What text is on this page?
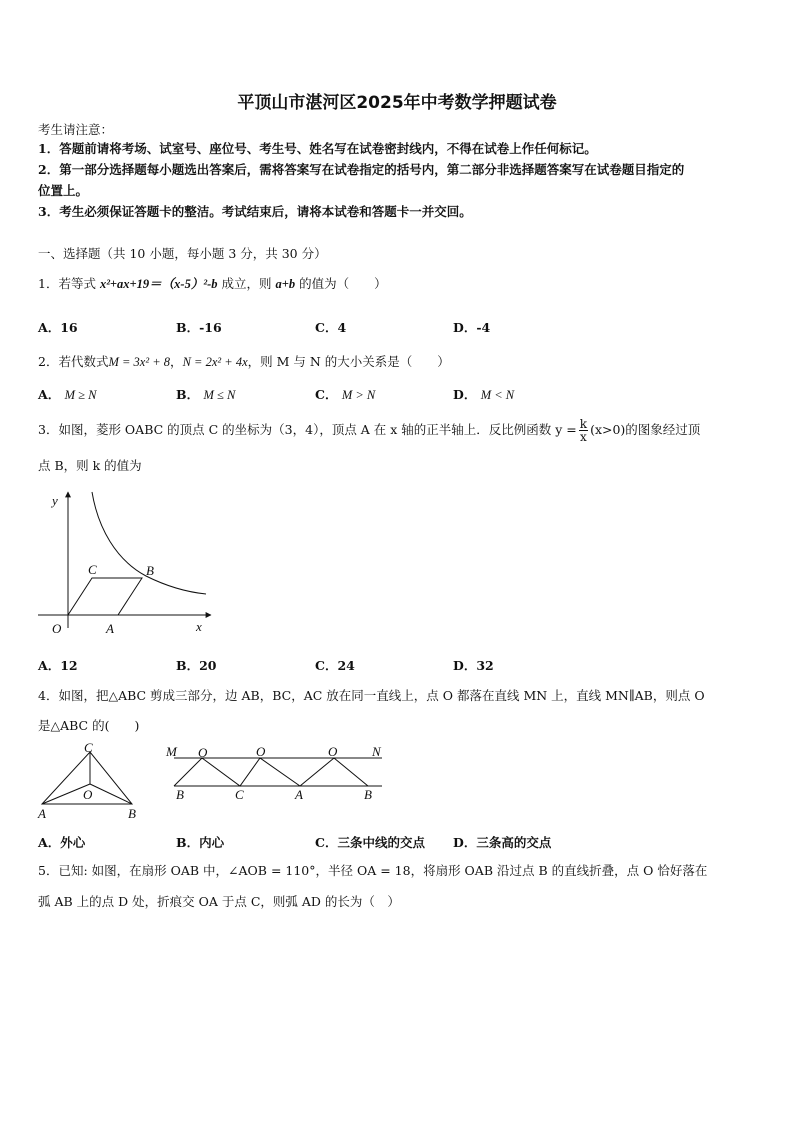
平顶山市湛河区2025年中考数学押题试卷
考生请注意：
1．答题前请将考场、试室号、座位号、考生号、姓名写在试卷密封线内，不得在试卷上作任何标记。
2．第一部分选择题每小题选出答案后，需将答案写在试卷指定的括号内，第二部分非选择题答案写在试卷题目指定的
位置上。
3．考生必须保证答题卡的整洁。考试结束后，请将本试卷和答题卡一并交回。
一、选择题（共 10 小题，每小题 3 分，共 30 分）
1．若等式 x²+ax+19＝（x-5）²-b 成立，则 a+b 的值为（　　）
A．16	B．-16	C．4	D．-4
2．若代数式M = 3x² + 8，N = 2x² + 4x，则 M 与 N 的大小关系是（　　）
A． M ≥ N	B． M ≤ N	C． M > N	D． M < N
3．如图，菱形 OABC 的顶点 C 的坐标为（3，4），顶点 A 在 x 轴的正半轴上．反比例函数 $y = \frac{k}{x} (x>0)$的图象经过顶
点 B，则 k 的值为
y
x
O	A
B
C
A．12	B．20	C．24	D．32
4．如图，把△ABC 剪成三部分，边 AB，BC，AC 放在同一直线上，点 O 都落在直线 MN 上，直线 MN∥AB，则点 O
是△ABC 的(　　)
C
O
A	B
M O	O	O	N
B	C	A	B
A．外心	B．内心	C．三条中线的交点 D．三条高的交点
5．已知: 如图，在扇形 OAB 中，∠AOB = 110°，半径 OA = 18，将扇形 OAB 沿过点 B 的直线折叠，点 O 恰好落在
弧 AB 上的点 D 处，折痕交 OA 于点 C，则弧 AD 的长为（　）
